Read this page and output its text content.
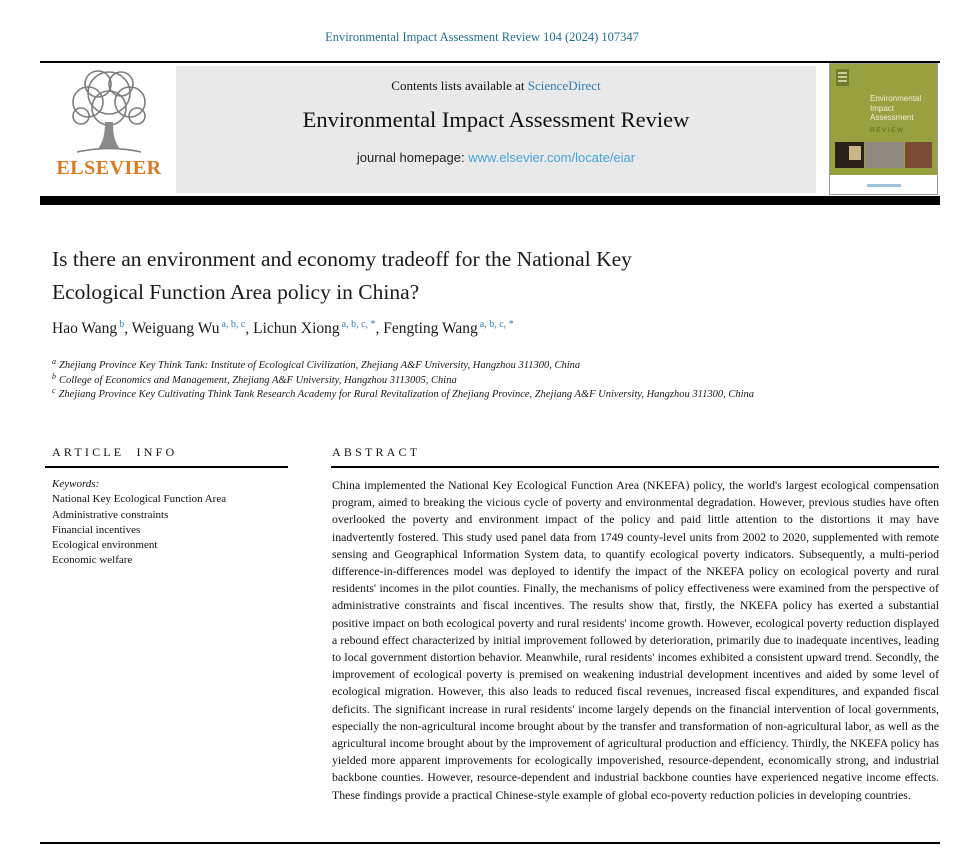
Environmental Impact Assessment Review 104 (2024) 107347
ELSEVIER
Contents lists available at ScienceDirect
Environmental Impact Assessment Review
journal homepage: www.elsevier.com/locate/eiar
Environmental
Impact
Assessment
REVIEW
Is there an environment and economy tradeoff for the National Key
Ecological Function Area policy in China?
Hao Wang $^b$, Weiguang Wu $^{a, b, c}$, Lichun Xiong $^{a, b, c, *}$, Fengting Wang $^{a, b, c, *}$
$^a$ Zhejiang Province Key Think Tank: Institute of Ecological Civilization, Zhejiang A&F University, Hangzhou 311300, China
$^b$ College of Economics and Management, Zhejiang A&F University, Hangzhou 3113005, China
$^c$ Zhejiang Province Key Cultivating Think Tank Research Academy for Rural Revitalization of Zhejiang Province, Zhejiang A&F University, Hangzhou 311300, China
ARTICLE INFO	ABSTRACT
Keywords:
National Key Ecological Function Area
Administrative constraints
Financial incentives
Ecological environment
Economic welfare
China implemented the National Key Ecological Function Area (NKEFA) policy, the world's largest ecological compensation program, aimed to breaking the vicious cycle of poverty and environmental degradation. However, previous studies have often overlooked the poverty and environment impact of the policy and paid little attention to the distortions it may have inadvertently fostered. This study used panel data from 1749 county-level units from 2002 to 2020, supplemented with remote sensing and Geographical Information System data, to quantify ecological poverty indicators. Subsequently, a multi-period difference-in-differences model was deployed to identify the impact of the NKEFA policy on ecological poverty and rural residents' incomes in the pilot counties. Finally, the mechanisms of policy effectiveness were examined from the perspective of administrative constraints and fiscal incentives. The results show that, firstly, the NKEFA policy has exerted a substantial positive impact on both ecological poverty and rural residents' income growth. However, ecological poverty reduction displayed a rebound effect characterized by initial improvement followed by deterioration, primarily due to inadequate incentives, leading to local government distortion behavior. Meanwhile, rural residents' incomes exhibited a consistent upward trend. Secondly, the improvement of ecological poverty is premised on weakening industrial development incentives and aided by some level of ecological migration. However, this also leads to reduced fiscal revenues, increased fiscal expenditures, and expanded fiscal deficits. The significant increase in rural residents' income largely depends on the financial intervention of local governments, especially the non-agricultural income brought about by the transfer and transformation of non-agricultural labor, as well as the agricultural income brought about by the improvement of agricultural production and efficiency. Thirdly, the NKEFA policy has yielded more apparent improvements for ecologically impoverished, resource-dependent, economically strong, and industrial backbone counties. However, resource-dependent and industrial backbone counties have experienced negative income effects. These findings provide a practical Chinese-style example of global eco-poverty reduction policies in developing countries.
